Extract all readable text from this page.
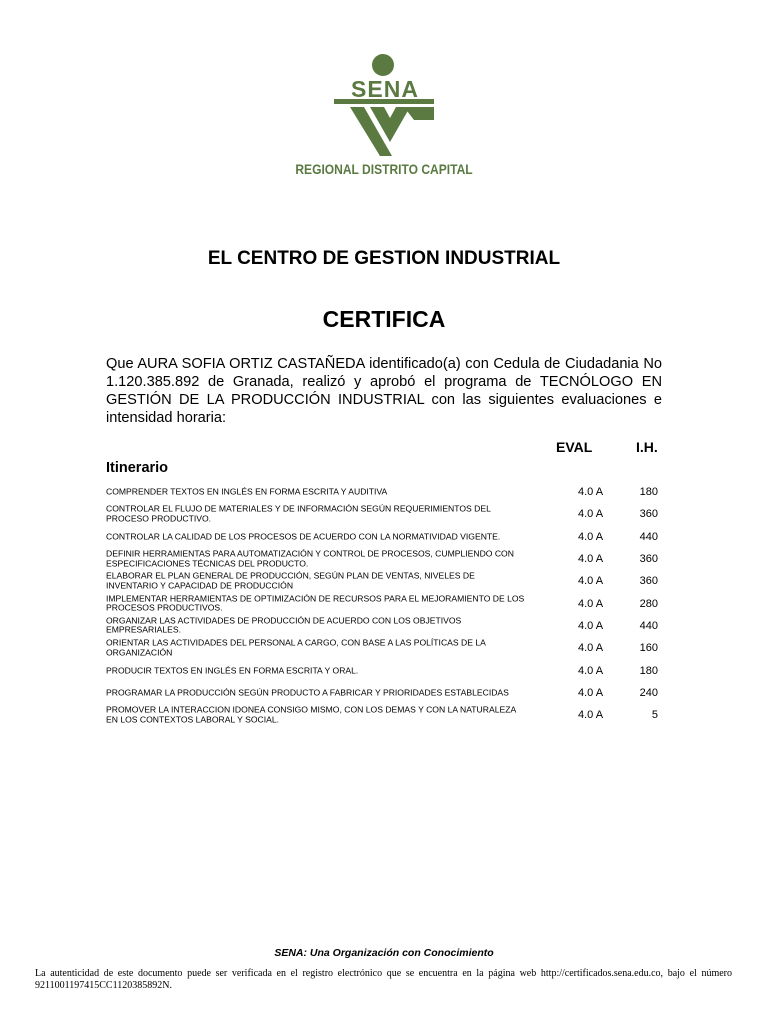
SENA
REGIONAL DISTRITO CAPITAL
EL CENTRO DE GESTION INDUSTRIAL
CERTIFICA

Que AURA SOFIA ORTIZ CASTAÑEDA identificado(a) con Cedula de Ciudadania No 1.120.385.892 de Granada, realizó y aprobó el programa de TECNÓLOGO EN GESTIÓN DE LA PRODUCCIÓN INDUSTRIAL con las siguientes evaluaciones e intensidad horaria:

EVAL	I.H.
Itinerario
COMPRENDER TEXTOS EN INGLÉS EN FORMA ESCRITA Y AUDITIVA	4.0 A	180
CONTROLAR EL FLUJO DE MATERIALES Y DE INFORMACIÓN SEGÚN REQUERIMIENTOS DEL PROCESO PRODUCTIVO.	4.0 A	360
CONTROLAR LA CALIDAD DE LOS PROCESOS DE ACUERDO CON LA NORMATIVIDAD VIGENTE.	4.0 A	440
DEFINIR HERRAMIENTAS PARA AUTOMATIZACIÓN Y CONTROL DE PROCESOS, CUMPLIENDO CON ESPECIFICACIONES TÉCNICAS DEL PRODUCTO.	4.0 A	360
ELABORAR EL PLAN GENERAL DE PRODUCCIÓN, SEGÚN PLAN DE VENTAS, NIVELES DE INVENTARIO Y CAPACIDAD DE PRODUCCIÓN	4.0 A	360
IMPLEMENTAR HERRAMIENTAS DE OPTIMIZACIÓN DE RECURSOS PARA EL MEJORAMIENTO DE LOS PROCESOS PRODUCTIVOS.	4.0 A	280
ORGANIZAR LAS ACTIVIDADES DE PRODUCCIÓN DE ACUERDO CON LOS OBJETIVOS EMPRESARIALES.	4.0 A	440
ORIENTAR LAS ACTIVIDADES DEL PERSONAL A CARGO, CON BASE A LAS POLÍTICAS DE LA ORGANIZACIÓN	4.0 A	160
PRODUCIR TEXTOS EN INGLÉS EN FORMA ESCRITA Y ORAL.	4.0 A	180
PROGRAMAR LA PRODUCCIÓN SEGÚN PRODUCTO A FABRICAR Y PRIORIDADES ESTABLECIDAS	4.0 A	240
PROMOVER LA INTERACCION IDONEA CONSIGO MISMO, CON LOS DEMAS Y CON LA NATURALEZA EN LOS CONTEXTOS LABORAL Y SOCIAL.	4.0 A	5
SENA: Una Organización con Conocimiento

La autenticidad de este documento puede ser verificada en el registro electrónico que se encuentra en la página web http://certificados.sena.edu.co, bajo el número 9211001197415CC1120385892N.
